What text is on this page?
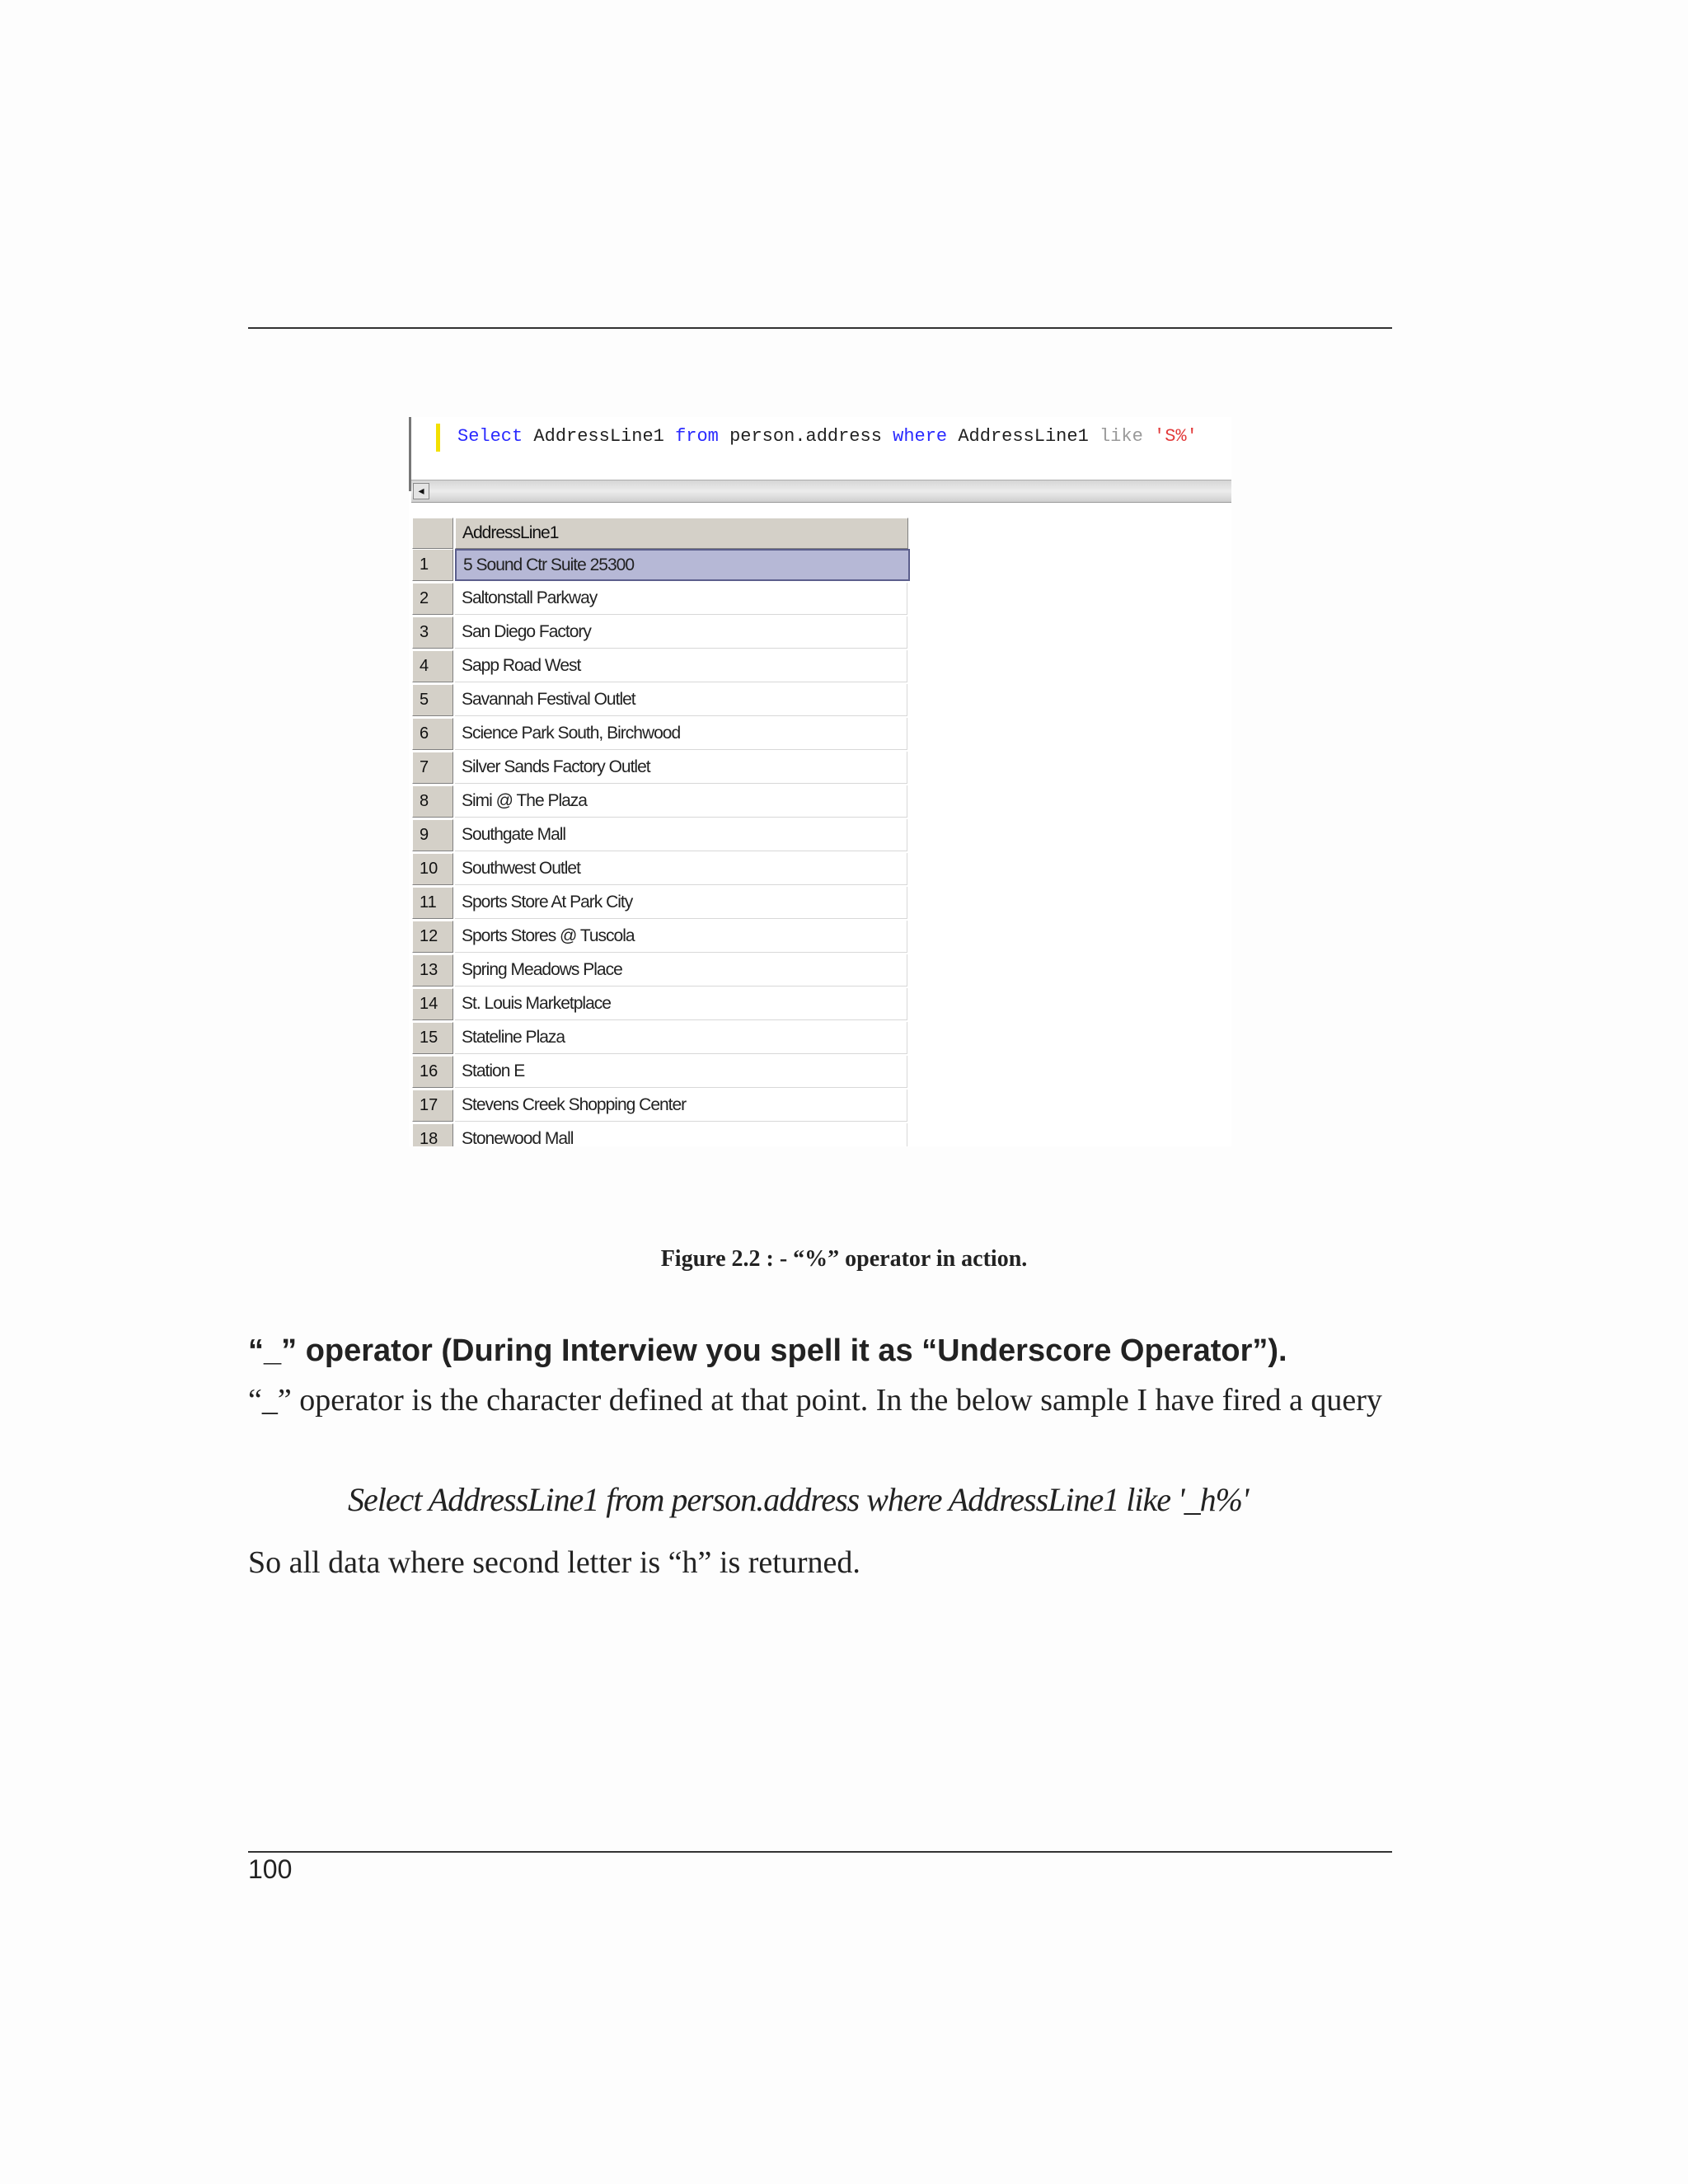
Select AddressLine1 from person.address where AddressLine1 like 'S%'
◂
AddressLine1
1	5 Sound Ctr Suite 25300
2	Saltonstall Parkway
3	San Diego Factory
4	Sapp Road West
5	Savannah Festival Outlet
6	Science Park South, Birchwood
7	Silver Sands Factory Outlet
8	Simi @ The Plaza
9	Southgate Mall
10	Southwest Outlet
11	Sports Store At Park City
12	Sports Stores @ Tuscola
13	Spring Meadows Place
14	St. Louis Marketplace
15	Stateline Plaza
16	Station E
17	Stevens Creek Shopping Center
18	Stonewood Mall
Figure 2.2 : - “%” operator in action.
“_” operator (During Interview you spell it as “Underscore Operator”).
“_” operator is the character defined at that point. In the below sample I have fired a query
Select AddressLine1 from person.address where AddressLine1 like '_h%'
So all data where second letter is “h” is returned.
100
